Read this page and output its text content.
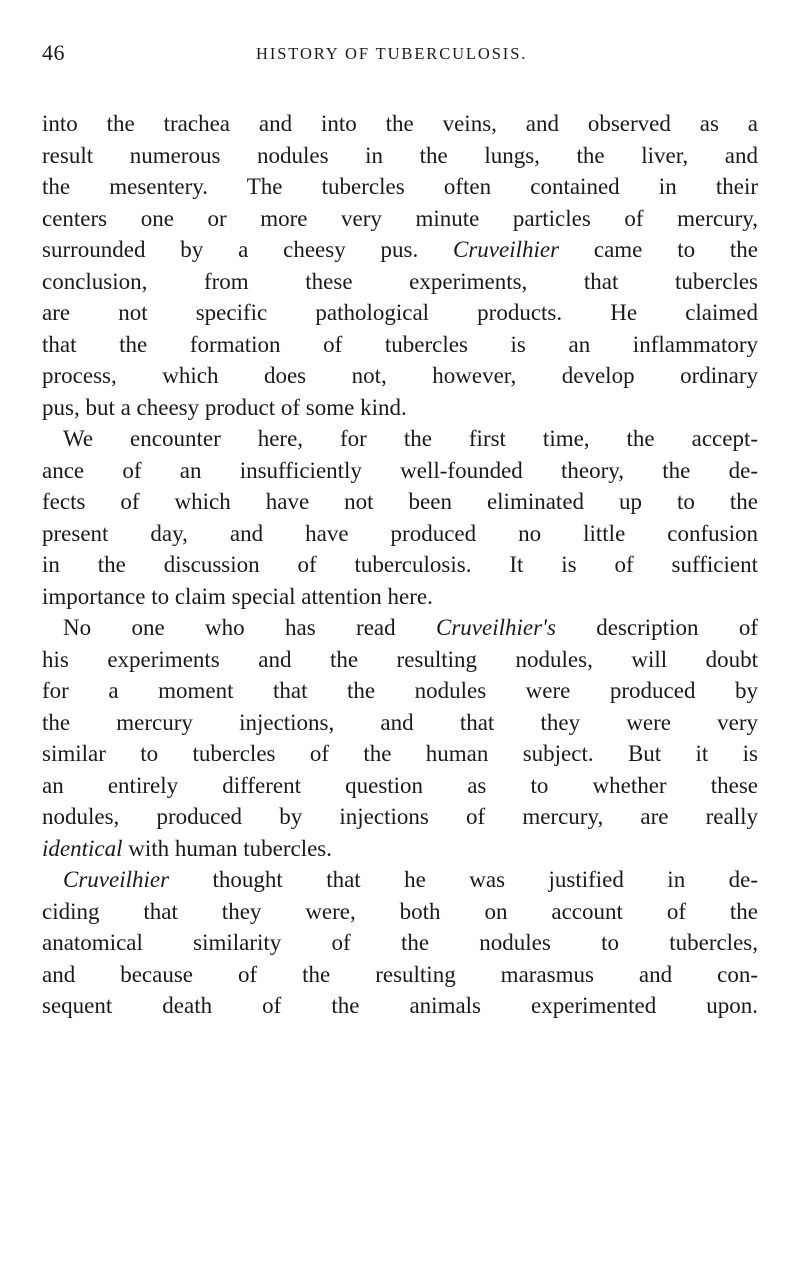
46	HISTORY OF TUBERCULOSIS.
into the trachea and into the veins, and observed as a
result numerous nodules in the lungs, the liver, and
the mesentery. The tubercles often contained in their
centers one or more very minute particles of mercury,
surrounded by a cheesy pus. Cruveilhier came to the
conclusion, from these experiments, that tubercles
are not specific pathological products. He claimed
that the formation of tubercles is an inflammatory
process, which does not, however, develop ordinary
pus, but a cheesy product of some kind.
We encounter here, for the first time, the accept-
ance of an insufficiently well-founded theory, the de-
fects of which have not been eliminated up to the
present day, and have produced no little confusion
in the discussion of tuberculosis. It is of sufficient
importance to claim special attention here.
No one who has read Cruveilhier's description of
his experiments and the resulting nodules, will doubt
for a moment that the nodules were produced by
the mercury injections, and that they were very
similar to tubercles of the human subject. But it is
an entirely different question as to whether these
nodules, produced by injections of mercury, are really
identical with human tubercles.
Cruveilhier thought that he was justified in de-
ciding that they were, both on account of the
anatomical similarity of the nodules to tubercles,
and because of the resulting marasmus and con-
sequent death of the animals experimented upon.
